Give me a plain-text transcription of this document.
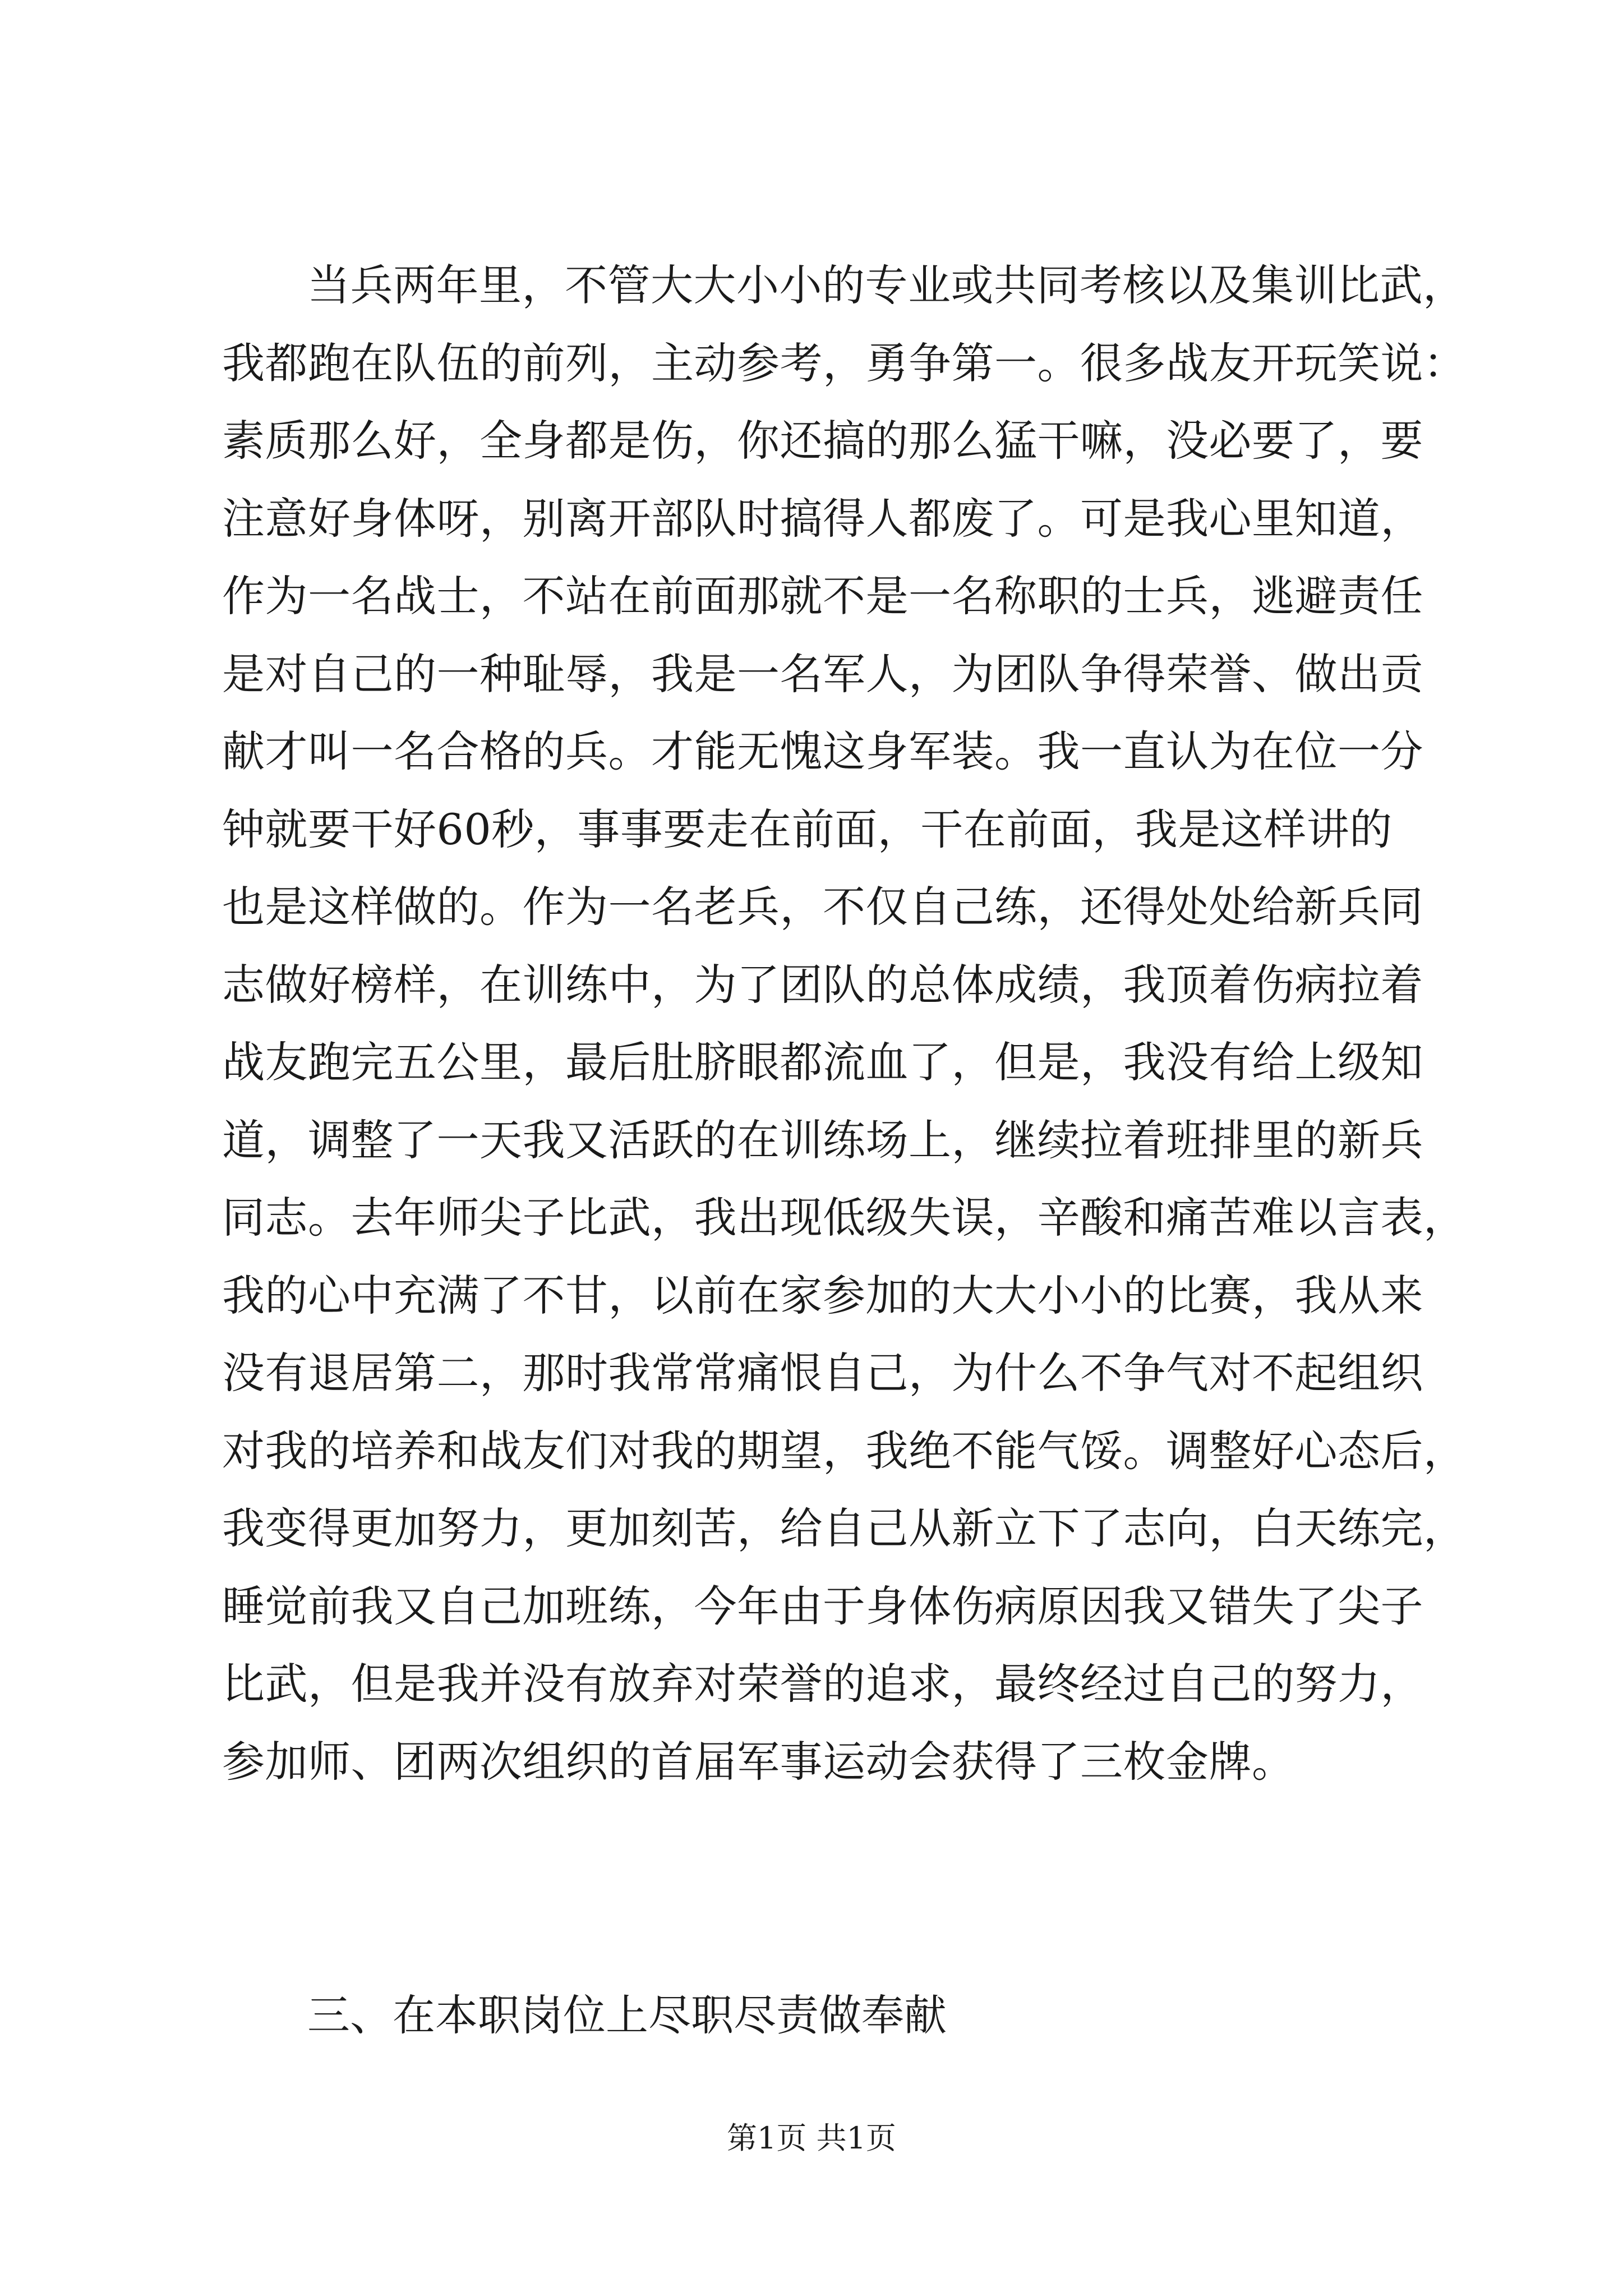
当兵两年里，不管大大小小的专业或共同考核以及集训比武，
我都跑在队伍的前列，主动参考，勇争第一。很多战友开玩笑说：
素质那么好，全身都是伤，你还搞的那么猛干嘛，没必要了，要
注意好身体呀，别离开部队时搞得人都废了。可是我心里知道，
作为一名战士，不站在前面那就不是一名称职的士兵，逃避责任
是对自己的一种耻辱，我是一名军人，为团队争得荣誉、做出贡
献才叫一名合格的兵。才能无愧这身军装。我一直认为在位一分
钟就要干好60秒，事事要走在前面，干在前面，我是这样讲的
也是这样做的。作为一名老兵，不仅自己练，还得处处给新兵同
志做好榜样，在训练中，为了团队的总体成绩，我顶着伤病拉着
战友跑完五公里，最后肚脐眼都流血了，但是，我没有给上级知
道，调整了一天我又活跃的在训练场上，继续拉着班排里的新兵
同志。去年师尖子比武，我出现低级失误，辛酸和痛苦难以言表，
我的心中充满了不甘，以前在家参加的大大小小的比赛，我从来
没有退居第二，那时我常常痛恨自己，为什么不争气对不起组织
对我的培养和战友们对我的期望，我绝不能气馁。调整好心态后，
我变得更加努力，更加刻苦，给自己从新立下了志向，白天练完，
睡觉前我又自己加班练，今年由于身体伤病原因我又错失了尖子
比武，但是我并没有放弃对荣誉的追求，最终经过自己的努力，
参加师、团两次组织的首届军事运动会获得了三枚金牌。
三、在本职岗位上尽职尽责做奉献
第1页 共1页
